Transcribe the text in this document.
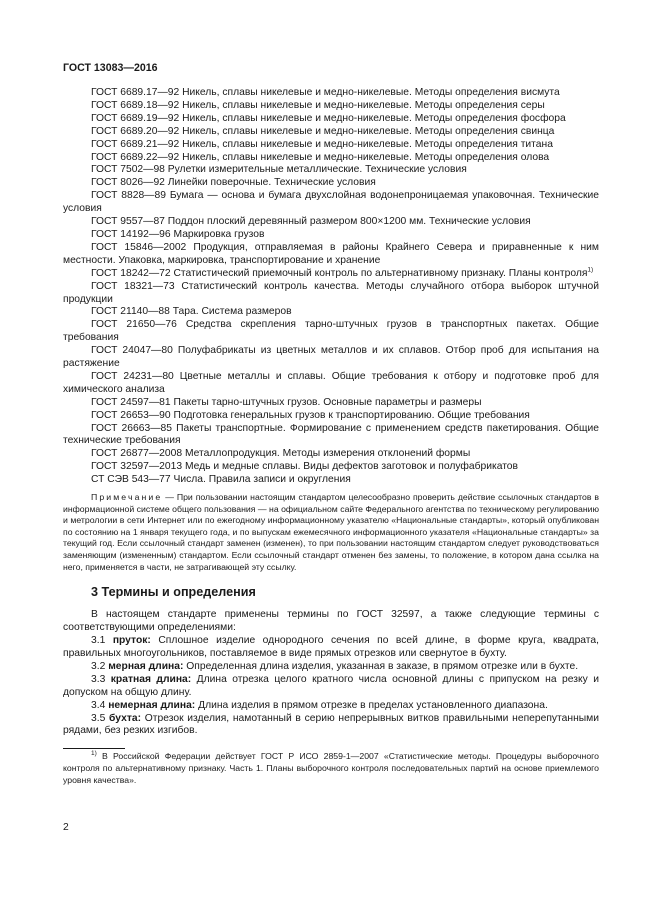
ГОСТ 13083—2016
ГОСТ 6689.17—92 Никель, сплавы никелевые и медно-никелевые. Методы определения висмута
ГОСТ 6689.18—92 Никель, сплавы никелевые и медно-никелевые. Методы определения серы
ГОСТ 6689.19—92 Никель, сплавы никелевые и медно-никелевые. Методы определения фосфора
ГОСТ 6689.20—92 Никель, сплавы никелевые и медно-никелевые. Методы определения свинца
ГОСТ 6689.21—92 Никель, сплавы никелевые и медно-никелевые. Методы определения титана
ГОСТ 6689.22—92 Никель, сплавы никелевые и медно-никелевые. Методы определения олова
ГОСТ 7502—98 Рулетки измерительные металлические. Технические условия
ГОСТ 8026—92 Линейки поверочные. Технические условия
ГОСТ 8828—89 Бумага — основа и бумага двухслойная водонепроницаемая упаковочная. Технические условия
ГОСТ 9557—87 Поддон плоский деревянный размером 800×1200 мм. Технические условия
ГОСТ 14192—96 Маркировка грузов
ГОСТ 15846—2002 Продукция, отправляемая в районы Крайнего Севера и приравненные к ним местности. Упаковка, маркировка, транспортирование и хранение
ГОСТ 18242—72 Статистический приемочный контроль по альтернативному признаку. Планы контроля$^{1)}$
ГОСТ 18321—73 Статистический контроль качества. Методы случайного отбора выборок штучной продукции
ГОСТ 21140—88 Тара. Система размеров
ГОСТ 21650—76 Средства скрепления тарно-штучных грузов в транспортных пакетах. Общие требования
ГОСТ 24047—80 Полуфабрикаты из цветных металлов и их сплавов. Отбор проб для испытания на растяжение
ГОСТ 24231—80 Цветные металлы и сплавы. Общие требования к отбору и подготовке проб для химического анализа
ГОСТ 24597—81 Пакеты тарно-штучных грузов. Основные параметры и размеры
ГОСТ 26653—90 Подготовка генеральных грузов к транспортированию. Общие требования
ГОСТ 26663—85 Пакеты транспортные. Формирование с применением средств пакетирования. Общие технические требования
ГОСТ 26877—2008 Металлопродукция. Методы измерения отклонений формы
ГОСТ 32597—2013 Медь и медные сплавы. Виды дефектов заготовок и полуфабрикатов
СТ СЭВ 543—77 Числа. Правила записи и округления
Примечание — При пользовании настоящим стандартом целесообразно проверить действие ссылочных стандартов в информационной системе общего пользования — на официальном сайте Федерального агентства по техническому регулированию и метрологии в сети Интернет или по ежегодному информационному указателю «Национальные стандарты», который опубликован по состоянию на 1 января текущего года, и по выпускам ежемесячного информационного указателя «Национальные стандарты» за текущий год. Если ссылочный стандарт заменен (изменен), то при пользовании настоящим стандартом следует руководствоваться заменяющим (измененным) стандартом. Если ссылочный стандарт отменен без замены, то положение, в котором дана ссылка на него, применяется в части, не затрагивающей эту ссылку.
3 Термины и определения
В настоящем стандарте применены термины по ГОСТ 32597, а также следующие термины с соответствующими определениями:
3.1 пруток: Сплошное изделие однородного сечения по всей длине, в форме круга, квадрата, правильных многоугольников, поставляемое в виде прямых отрезков или свернутое в бухту.
3.2 мерная длина: Определенная длина изделия, указанная в заказе, в прямом отрезке или в бухте.
3.3 кратная длина: Длина отрезка целого кратного числа основной длины с припуском на резку и допуском на общую длину.
3.4 немерная длина: Длина изделия в прямом отрезке в пределах установленного диапазона.
3.5 бухта: Отрезок изделия, намотанный в серию непрерывных витков правильными неперепутанными рядами, без резких изгибов.
$^{1)}$ В Российской Федерации действует ГОСТ Р ИСО 2859-1—2007 «Статистические методы. Процедуры выборочного контроля по альтернативному признаку. Часть 1. Планы выборочного контроля последовательных партий на основе приемлемого уровня качества».
2
